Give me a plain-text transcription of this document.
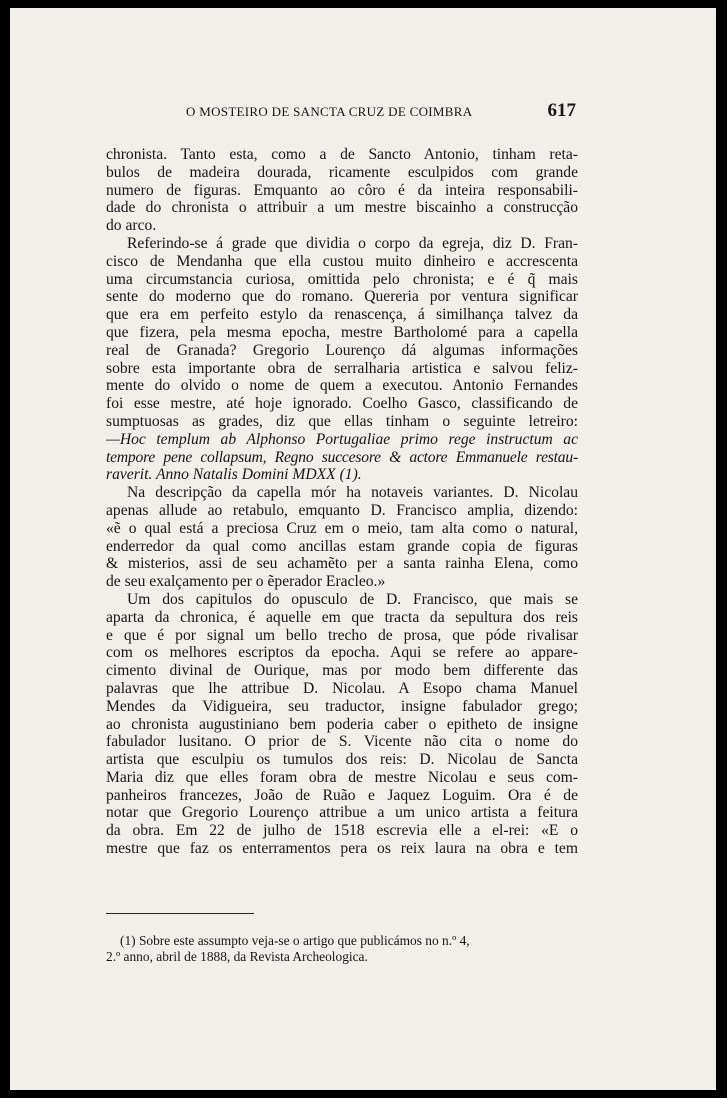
O MOSTEIRO DE SANCTA CRUZ DE COIMBRA	617

chronista. Tanto esta, como a de Sancto Antonio, tinham reta-

bulos de madeira dourada, ricamente esculpidos com grande

numero de figuras. Emquanto ao côro é da inteira responsabili-

dade do chronista o attribuir a um mestre biscainho a construcção

do arco.

Referindo-se á grade que dividia o corpo da egreja, diz D. Fran-

cisco de Mendanha que ella custou muito dinheiro e accrescenta

uma circumstancia curiosa, omittida pelo chronista; e é q̃ mais

sente do moderno que do romano. Quereria por ventura significar

que era em perfeito estylo da renascença, á similhança talvez da

que fizera, pela mesma epocha, mestre Bartholomé para a capella

real de Granada? Gregorio Lourenço dá algumas informações

sobre esta importante obra de serralharia artistica e salvou feliz-

mente do olvido o nome de quem a executou. Antonio Fernandes

foi esse mestre, até hoje ignorado. Coelho Gasco, classificando de

sumptuosas as grades, diz que ellas tinham o seguinte letreiro:

—Hoc templum ab Alphonso Portugaliae primo rege instructum ac

tempore pene collapsum, Regno succesore & actore Emmanuele restau-

raverit. Anno Natalis Domini MDXX (1).

Na descripção da capella mór ha notaveis variantes. D. Nicolau

apenas allude ao retabulo, emquanto D. Francisco amplia, dizendo:

«ẽ o qual está a preciosa Cruz em o meio, tam alta como o natural,

enderredor da qual como ancillas estam grande copia de figuras

& misterios, assi de seu achamẽto per a santa rainha Elena, como

de seu exalçamento per o ẽperador Eracleo.»

Um dos capitulos do opusculo de D. Francisco, que mais se

aparta da chronica, é aquelle em que tracta da sepultura dos reis

e que é por signal um bello trecho de prosa, que póde rivalisar

com os melhores escriptos da epocha. Aqui se refere ao appare-

cimento divinal de Ourique, mas por modo bem differente das

palavras que lhe attribue D. Nicolau. A Esopo chama Manuel

Mendes da Vidigueira, seu traductor, insigne fabulador grego;

ao chronista augustiniano bem poderia caber o epitheto de insigne

fabulador lusitano. O prior de S. Vicente não cita o nome do

artista que esculpiu os tumulos dos reis: D. Nicolau de Sancta

Maria diz que elles foram obra de mestre Nicolau e seus com-

panheiros francezes, João de Ruão e Jaquez Loguim. Ora é de

notar que Gregorio Lourenço attribue a um unico artista a feitura

da obra. Em 22 de julho de 1518 escrevia elle a el-rei: «E o

mestre que faz os enterramentos pera os reix laura na obra e tem

(1) Sobre este assumpto veja-se o artigo que publicámos no n.º 4,

2.º anno, abril de 1888, da Revista Archeologica.
